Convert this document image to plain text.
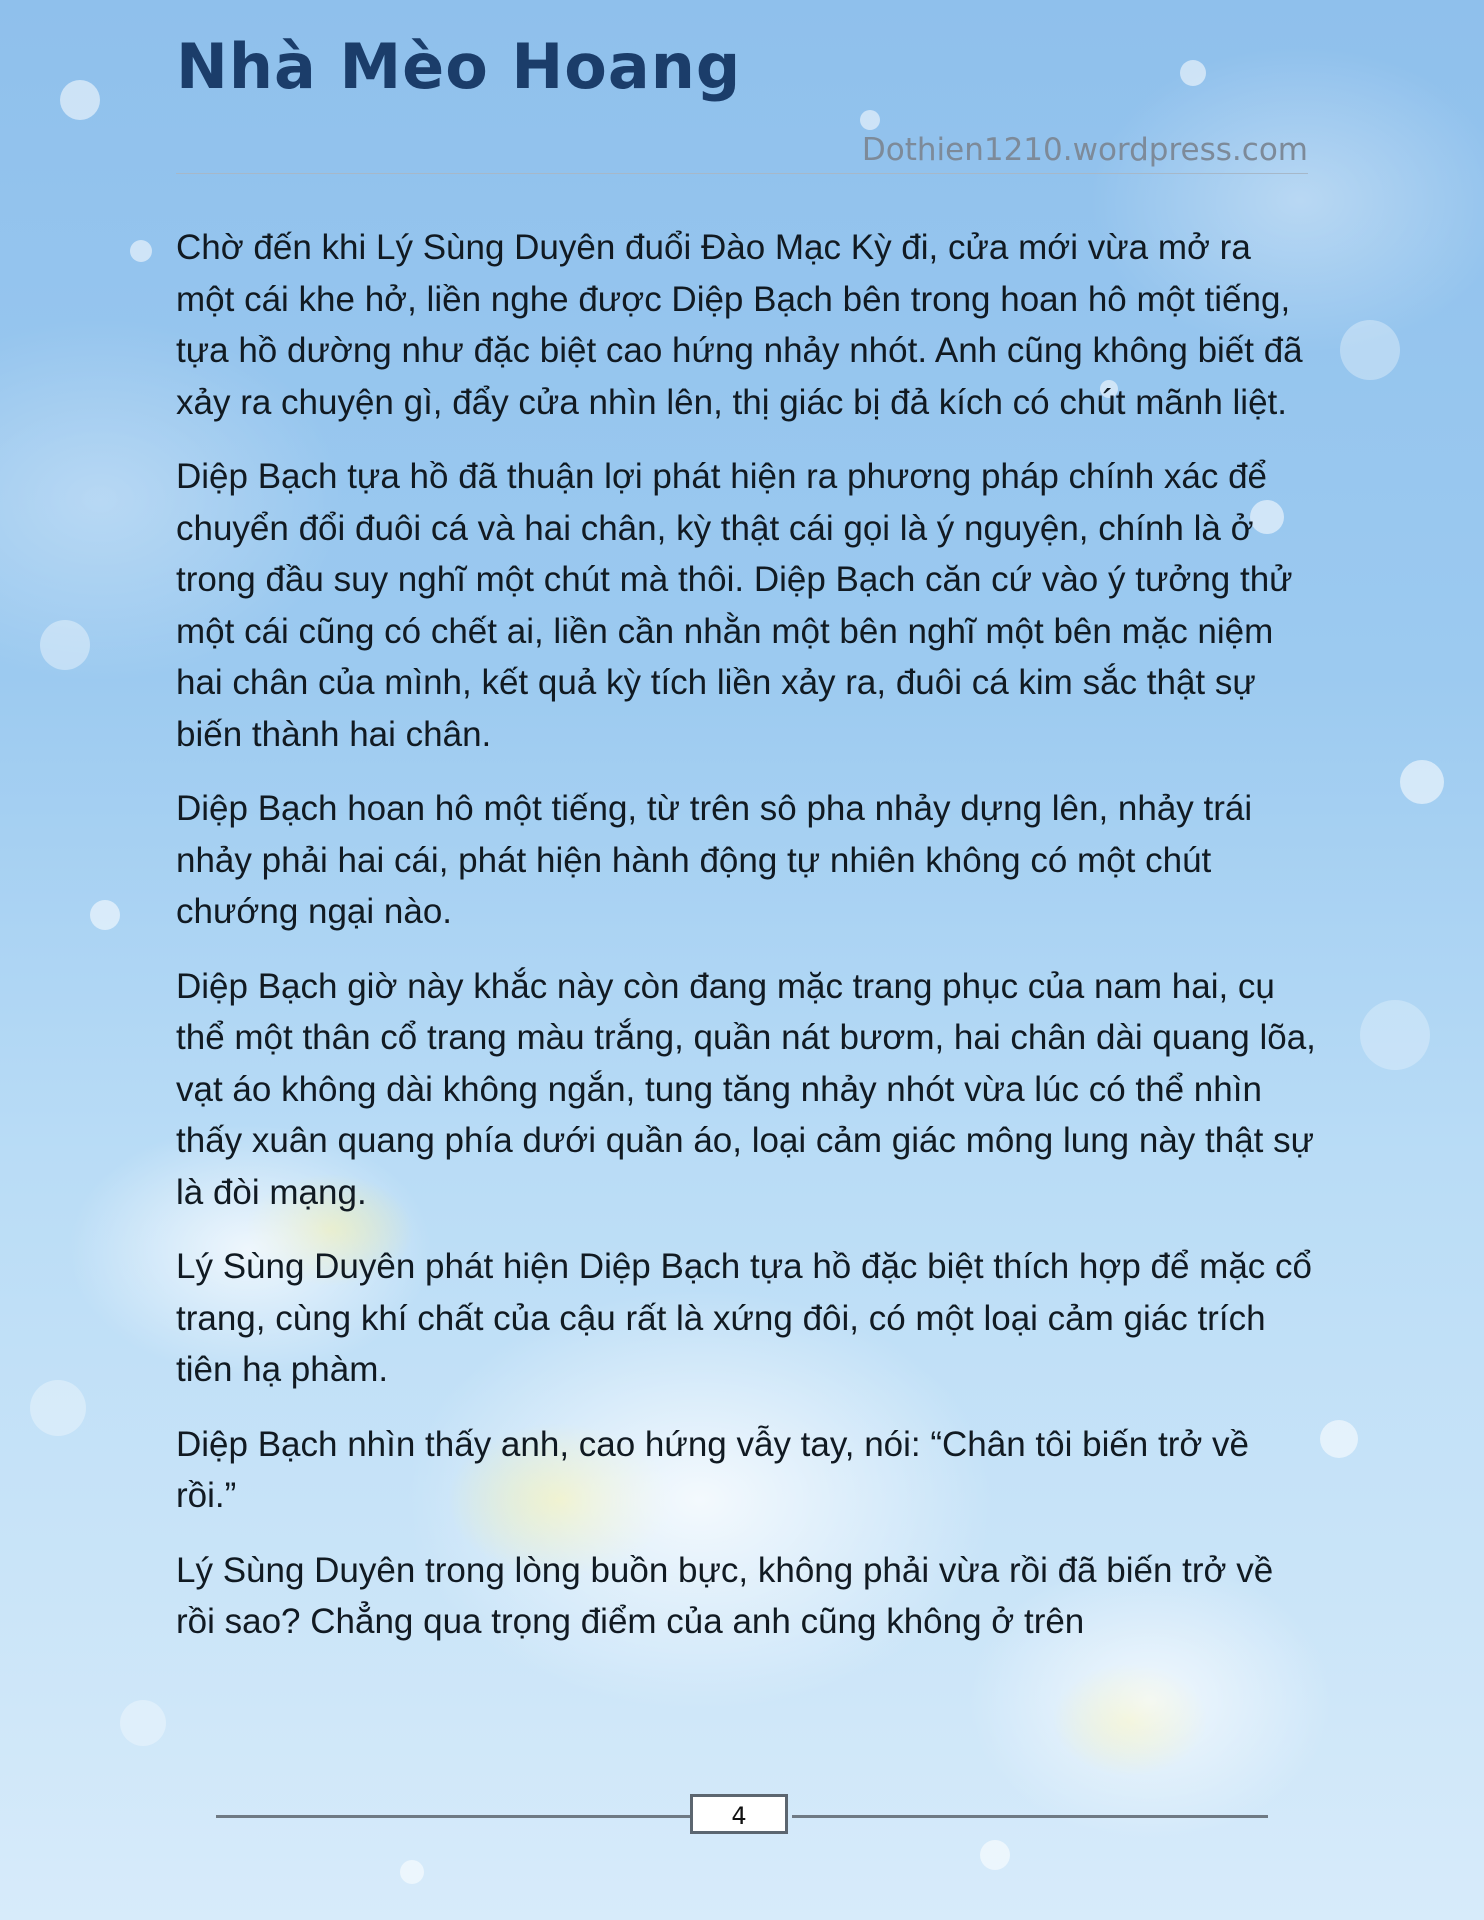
Nhà Mèo Hoang
Dothien1210.wordpress.com

Chờ đến khi Lý Sùng Duyên đuổi Đào Mạc Kỳ đi, cửa mới vừa mở ra một cái khe hở, liền nghe được Diệp Bạch bên trong hoan hô một tiếng, tựa hồ dường như đặc biệt cao hứng nhảy nhót. Anh cũng không biết đã xảy ra chuyện gì, đẩy cửa nhìn lên, thị giác bị đả kích có chút mãnh liệt.

Diệp Bạch tựa hồ đã thuận lợi phát hiện ra phương pháp chính xác để chuyển đổi đuôi cá và hai chân, kỳ thật cái gọi là ý nguyện, chính là ở trong đầu suy nghĩ một chút mà thôi. Diệp Bạch căn cứ vào ý tưởng thử một cái cũng có chết ai, liền cần nhằn một bên nghĩ một bên mặc niệm hai chân của mình, kết quả kỳ tích liền xảy ra, đuôi cá kim sắc thật sự biến thành hai chân.

Diệp Bạch hoan hô một tiếng, từ trên sô pha nhảy dựng lên, nhảy trái nhảy phải hai cái, phát hiện hành động tự nhiên không có một chút chướng ngại nào.

Diệp Bạch giờ này khắc này còn đang mặc trang phục của nam hai, cụ thể một thân cổ trang màu trắng, quần nát bươm, hai chân dài quang lõa, vạt áo không dài không ngắn, tung tăng nhảy nhót vừa lúc có thể nhìn thấy xuân quang phía dưới quần áo, loại cảm giác mông lung này thật sự là đòi mạng.

Lý Sùng Duyên phát hiện Diệp Bạch tựa hồ đặc biệt thích hợp để mặc cổ trang, cùng khí chất của cậu rất là xứng đôi, có một loại cảm giác trích tiên hạ phàm.

Diệp Bạch nhìn thấy anh, cao hứng vẫy tay, nói: “Chân tôi biến trở về rồi.”

Lý Sùng Duyên trong lòng buồn bực, không phải vừa rồi đã biến trở về rồi sao? Chẳng qua trọng điểm của anh cũng không ở trên

4
